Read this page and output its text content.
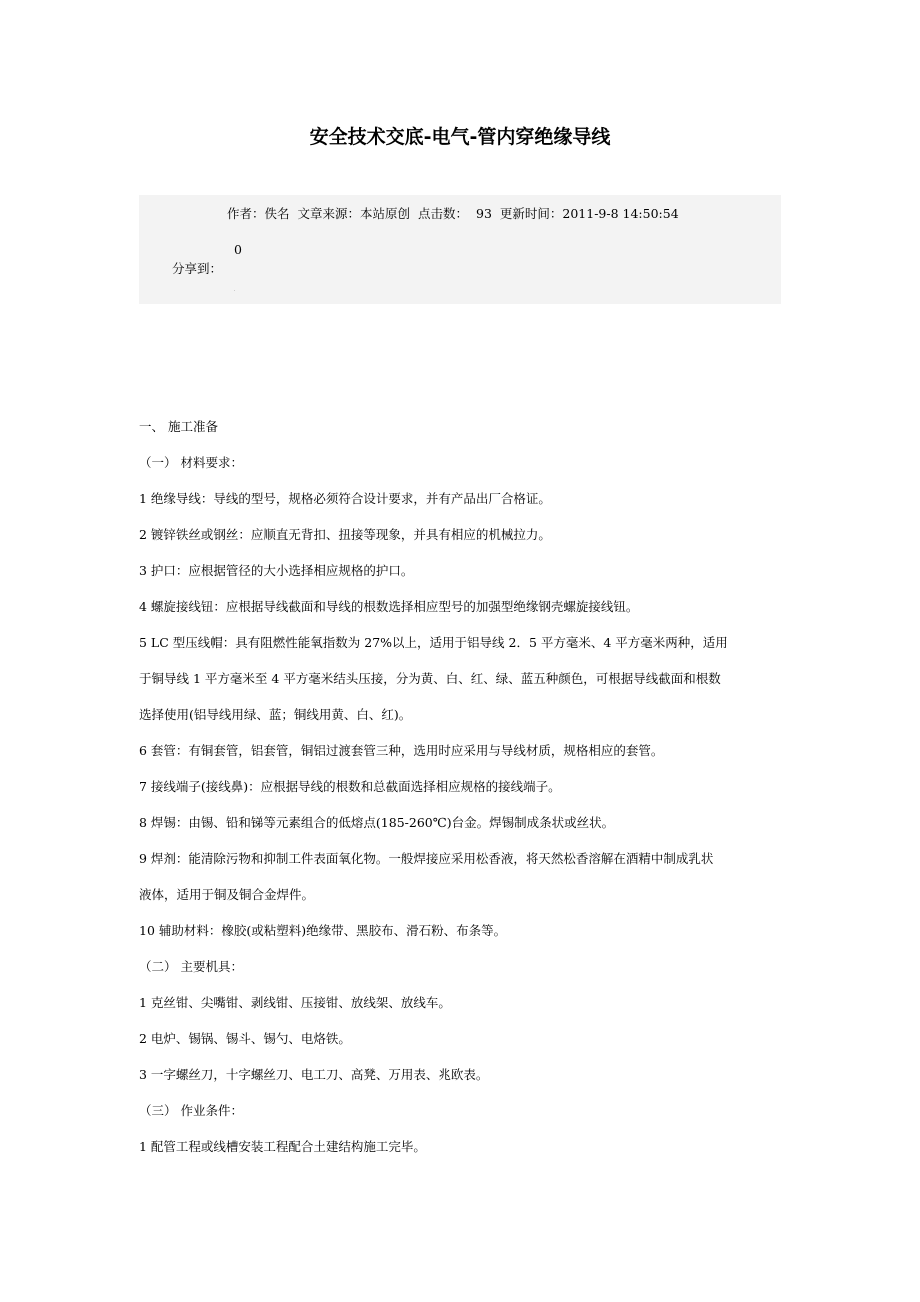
安全技术交底-电气-管内穿绝缘导线
作者：佚名 文章来源：本站原创 点击数： 93 更新时间：2011-9-8 14:50:54
0
分享到：

一、 施工准备

（一） 材料要求：

1 绝缘导线：导线的型号，规格必须符合设计要求，并有产品出厂合格证。

2 镀锌铁丝或钢丝：应顺直无背扣、扭接等现象，并具有相应的机械拉力。

3 护口：应根据管径的大小选择相应规格的护口。

4 螺旋接线钮：应根据导线截面和导线的根数选择相应型号的加强型绝缘钢壳螺旋接线钮。

5 LC 型压线帽：具有阻燃性能氧指数为 27%以上，适用于铝导线 2．5 平方毫米、4 平方毫米两种，适用

于铜导线 1 平方毫米至 4 平方毫米结头压接，分为黄、白、红、绿、蓝五种颜色，可根据导线截面和根数

选择使用(铝导线用绿、蓝；铜线用黄、白、红)。

6 套管：有铜套管，铝套管，铜铝过渡套管三种，选用时应采用与导线材质，规格相应的套管。

7 接线端子(接线鼻)：应根据导线的根数和总截面选择相应规格的接线端子。

8 焊锡：由锡、铅和锑等元素组合的低熔点(185-260℃)台金。焊锡制成条状或丝状。

9 焊剂：能清除污物和抑制工件表面氧化物。一般焊接应采用松香液，将天然松香溶解在酒精中制成乳状

液体，适用于铜及铜合金焊件。

10 辅助材料：橡胶(或粘塑料)绝缘带、黑胶布、滑石粉、布条等。

（二） 主要机具：

1 克丝钳、尖嘴钳、剥线钳、压接钳、放线架、放线车。

2 电炉、锡锅、锡斗、锡勺、电烙铁。

3 一字螺丝刀，十字螺丝刀、电工刀、高凳、万用表、兆欧表。

（三） 作业条件：

1 配管工程或线槽安装工程配合土建结构施工完毕。
